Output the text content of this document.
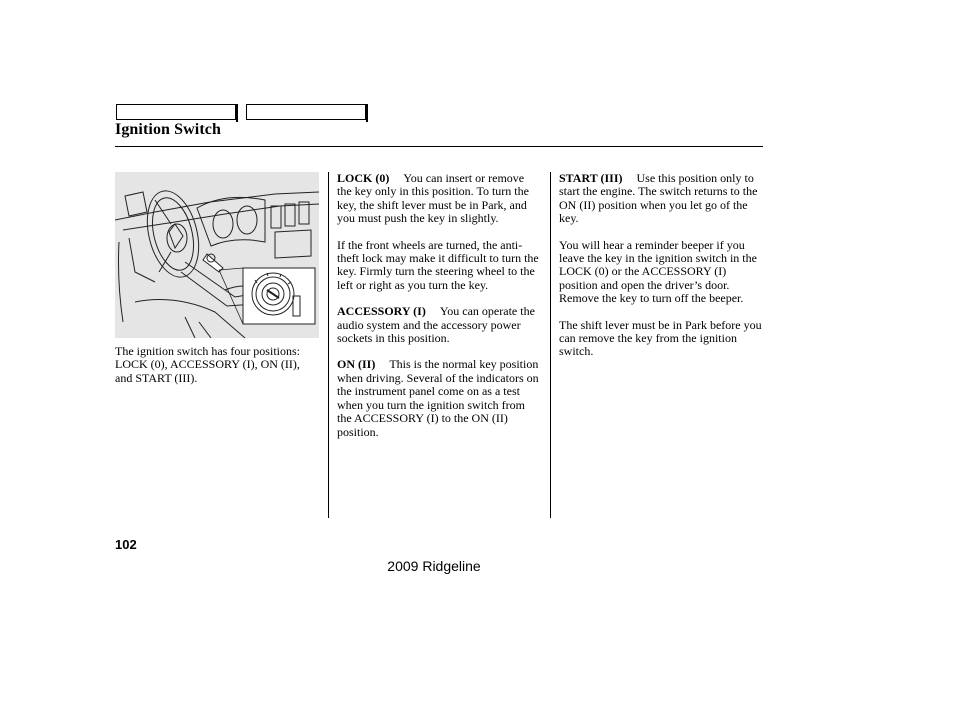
Ignition Switch

The ignition switch has four positions: LOCK (0), ACCESSORY (I), ON (II), and START (III).

LOCK (0) You can insert or remove the key only in this position. To turn the key, the shift lever must be in Park, and you must push the key in slightly.

If the front wheels are turned, the anti-theft lock may make it difficult to turn the key. Firmly turn the steering wheel to the left or right as you turn the key.

ACCESSORY (I) You can operate the audio system and the accessory power sockets in this position.

ON (II) This is the normal key position when driving. Several of the indicators on the instrument panel come on as a test when you turn the ignition switch from the ACCESSORY (I) to the ON (II) position.

START (III) Use this position only to start the engine. The switch returns to the ON (II) position when you let go of the key.

You will hear a reminder beeper if you leave the key in the ignition switch in the LOCK (0) or the ACCESSORY (I) position and open the driver’s door. Remove the key to turn off the beeper.

The shift lever must be in Park before you can remove the key from the ignition switch.

102
2009 Ridgeline
